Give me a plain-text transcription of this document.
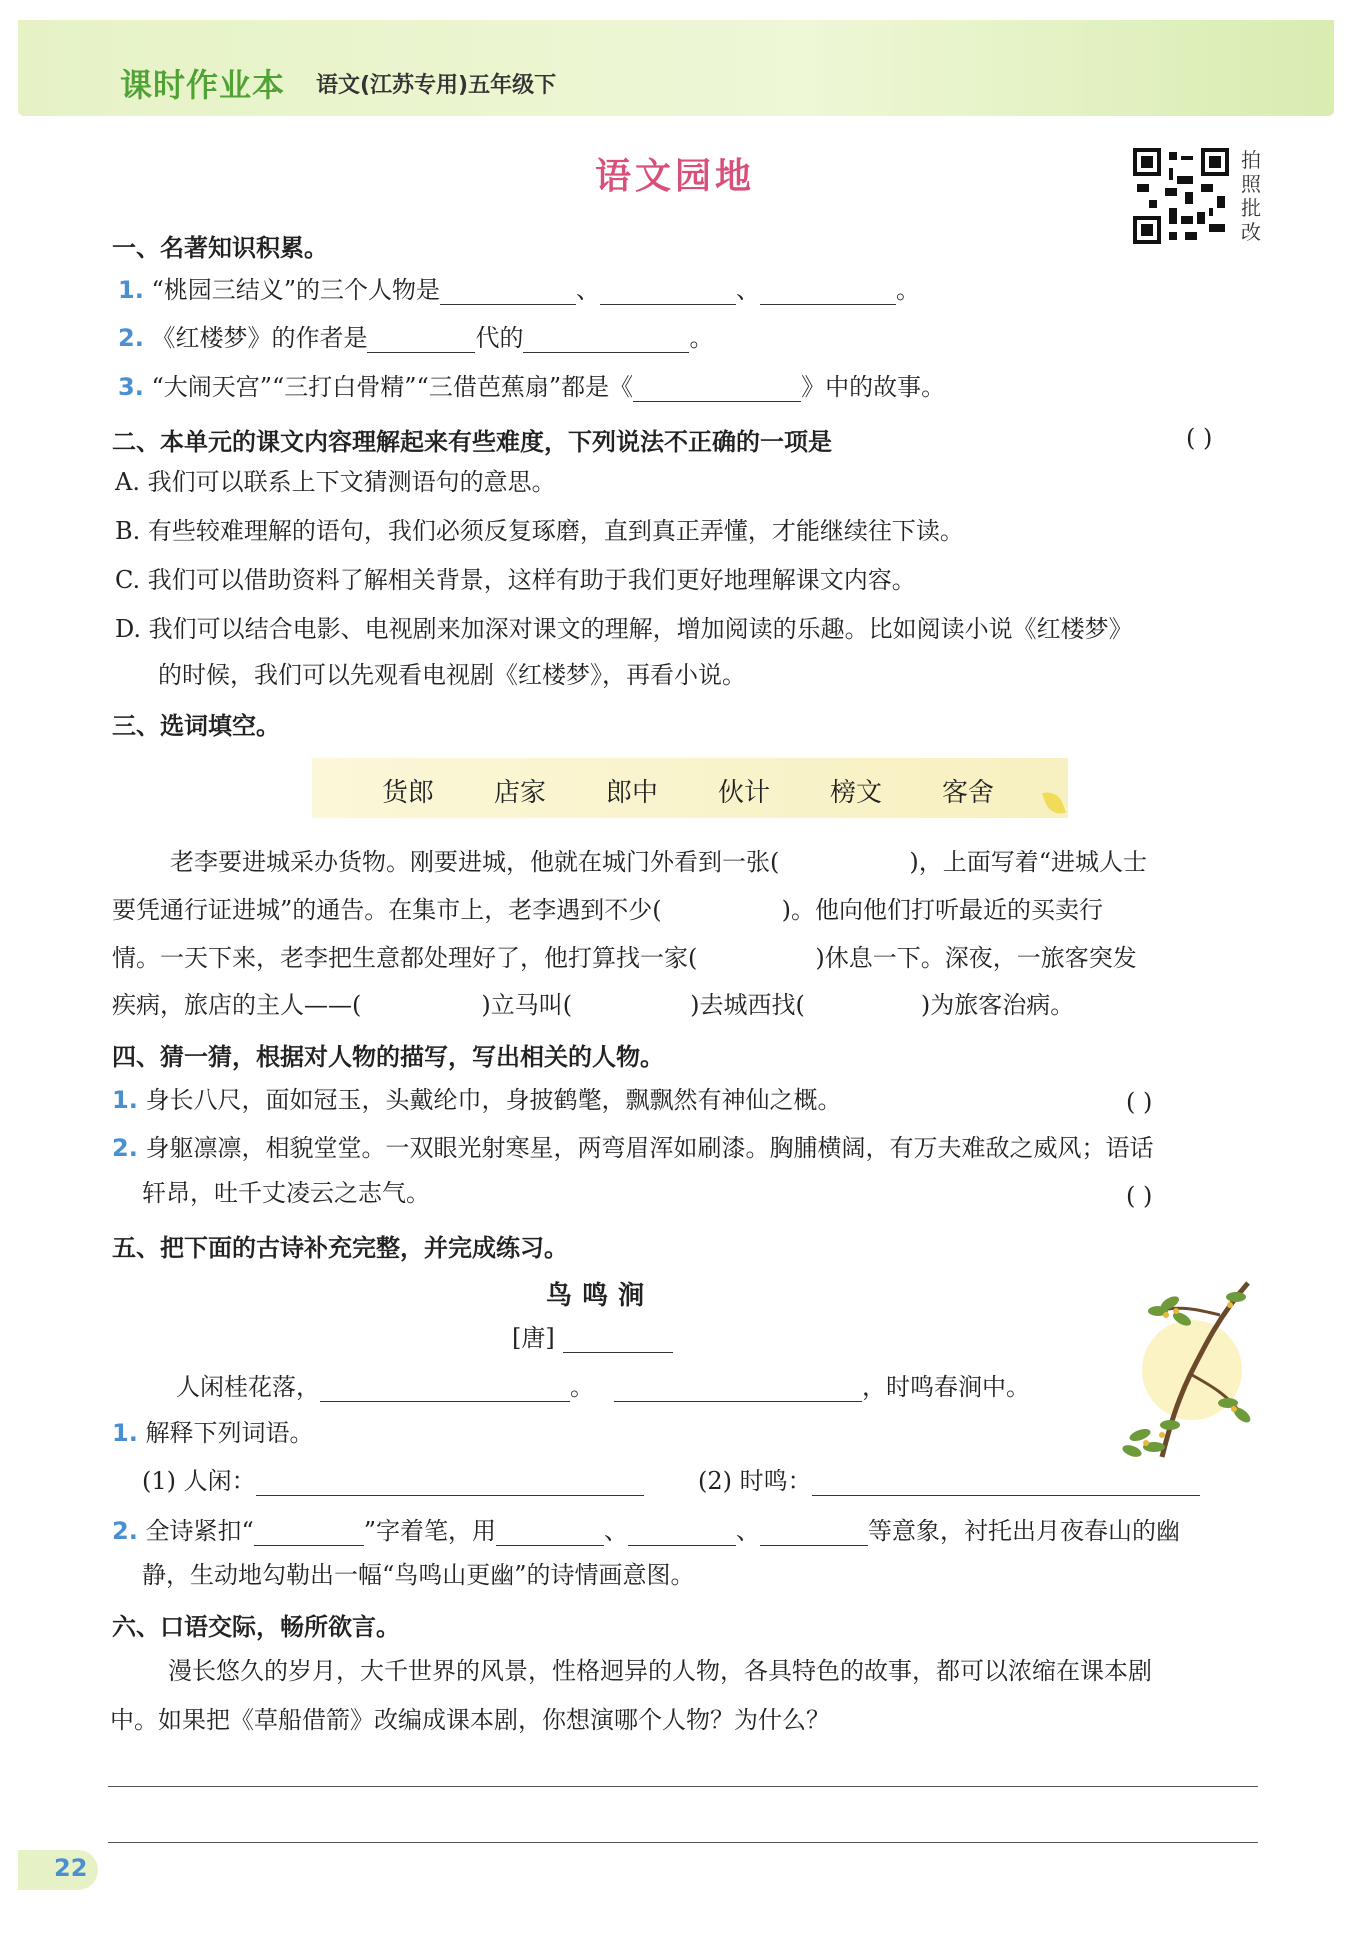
课时作业本 语文(江苏专用)五年级下
语文园地	拍照批改
一、名著知识积累。
1. “桃园三结义”的三个人物是	、	、	。
2. 《红楼梦》的作者是	代的	。
3. “大闹天宫”“三打白骨精”“三借芭蕉扇”都是《	》中的故事。
二、本单元的课文内容理解起来有些难度，下列说法不正确的一项是	( )
A. 我们可以联系上下文猜测语句的意思。
B. 有些较难理解的语句，我们必须反复琢磨，直到真正弄懂，才能继续往下读。
C. 我们可以借助资料了解相关背景，这样有助于我们更好地理解课文内容。
D. 我们可以结合电影、电视剧来加深对课文的理解，增加阅读的乐趣。比如阅读小说《红楼梦》
的时候，我们可以先观看电视剧《红楼梦》，再看小说。
三、选词填空。
货郎 店家 郎中 伙计 榜文 客舍
老李要进城采办货物。刚要进城，他就在城门外看到一张(	)，上面写着“进城人士
要凭通行证进城”的通告。在集市上，老李遇到不少(	)。他向他们打听最近的买卖行
情。一天下来，老李把生意都处理好了，他打算找一家(	)休息一下。深夜，一旅客突发
疾病，旅店的主人——(	)立马叫(	)去城西找(	)为旅客治病。
四、猜一猜，根据对人物的描写，写出相关的人物。
1. 身长八尺，面如冠玉，头戴纶巾，身披鹤氅，飘飘然有神仙之概。	( )
2. 身躯凛凛，相貌堂堂。一双眼光射寒星，两弯眉浑如刷漆。胸脯横阔，有万夫难敌之威风；语话
轩昂，吐千丈凌云之志气。	( )
五、把下面的古诗补充完整，并完成练习。
鸟鸣涧
[唐]
人闲桂花落，	。	，时鸣春涧中。
1. 解释下列词语。
(1) 人闲：	(2) 时鸣：
2. 全诗紧扣“	”字着笔，用	、	、	等意象，衬托出月夜春山的幽
静，生动地勾勒出一幅“鸟鸣山更幽”的诗情画意图。
六、口语交际，畅所欲言。
漫长悠久的岁月，大千世界的风景，性格迥异的人物，各具特色的故事，都可以浓缩在课本剧
中。如果把《草船借箭》改编成课本剧，你想演哪个人物？为什么？
22
